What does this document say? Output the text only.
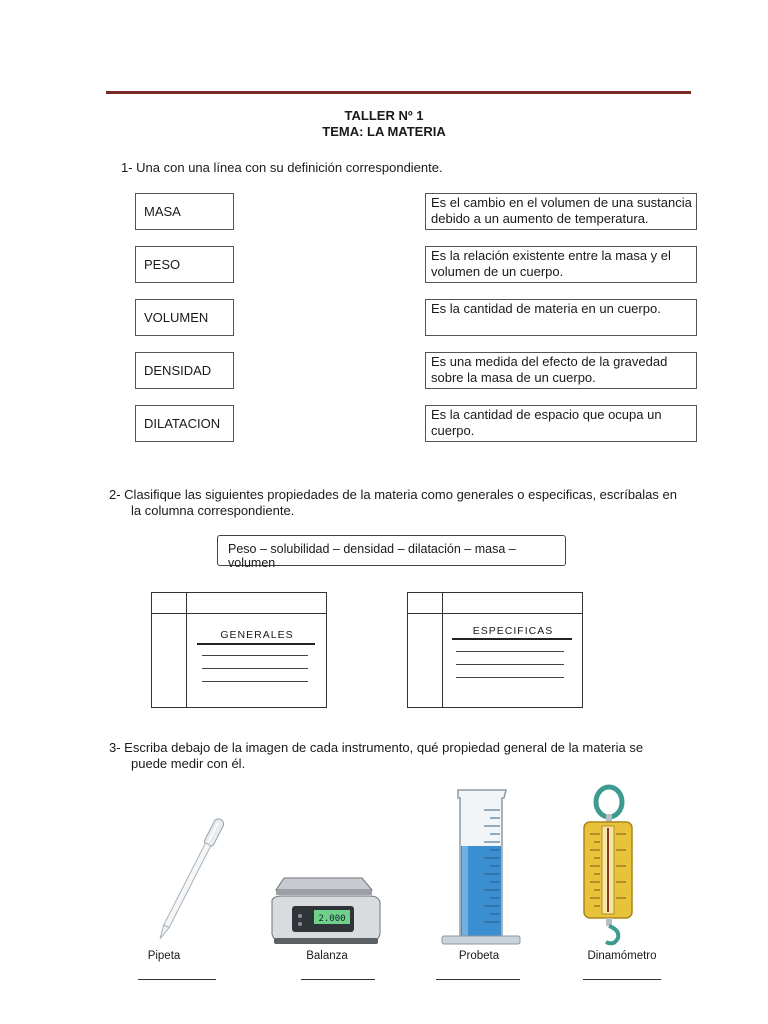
TALLER Nº 1
TEMA: LA MATERIA
1- Una con una línea con su definición correspondiente.
MASA
PESO
VOLUMEN
DENSIDAD
DILATACION
Es el cambio en el volumen de una sustancia debido a un aumento de temperatura.
Es la relación existente entre la masa y el volumen de un cuerpo.
Es la cantidad de materia en un cuerpo.
Es una medida del efecto de la gravedad sobre la masa de un cuerpo.
Es la cantidad de espacio que ocupa un cuerpo.
2- Clasifique las siguientes propiedades de la materia como generales o especificas, escríbalas en
la columna correspondiente.
Peso – solubilidad – densidad – dilatación – masa – volumen
GENERALES	ESPECIFICAS
3- Escriba debajo de la imagen de cada instrumento, qué propiedad general de la materia se
puede medir con él.
2.000
Pipeta	Balanza	Probeta	Dinamómetro
